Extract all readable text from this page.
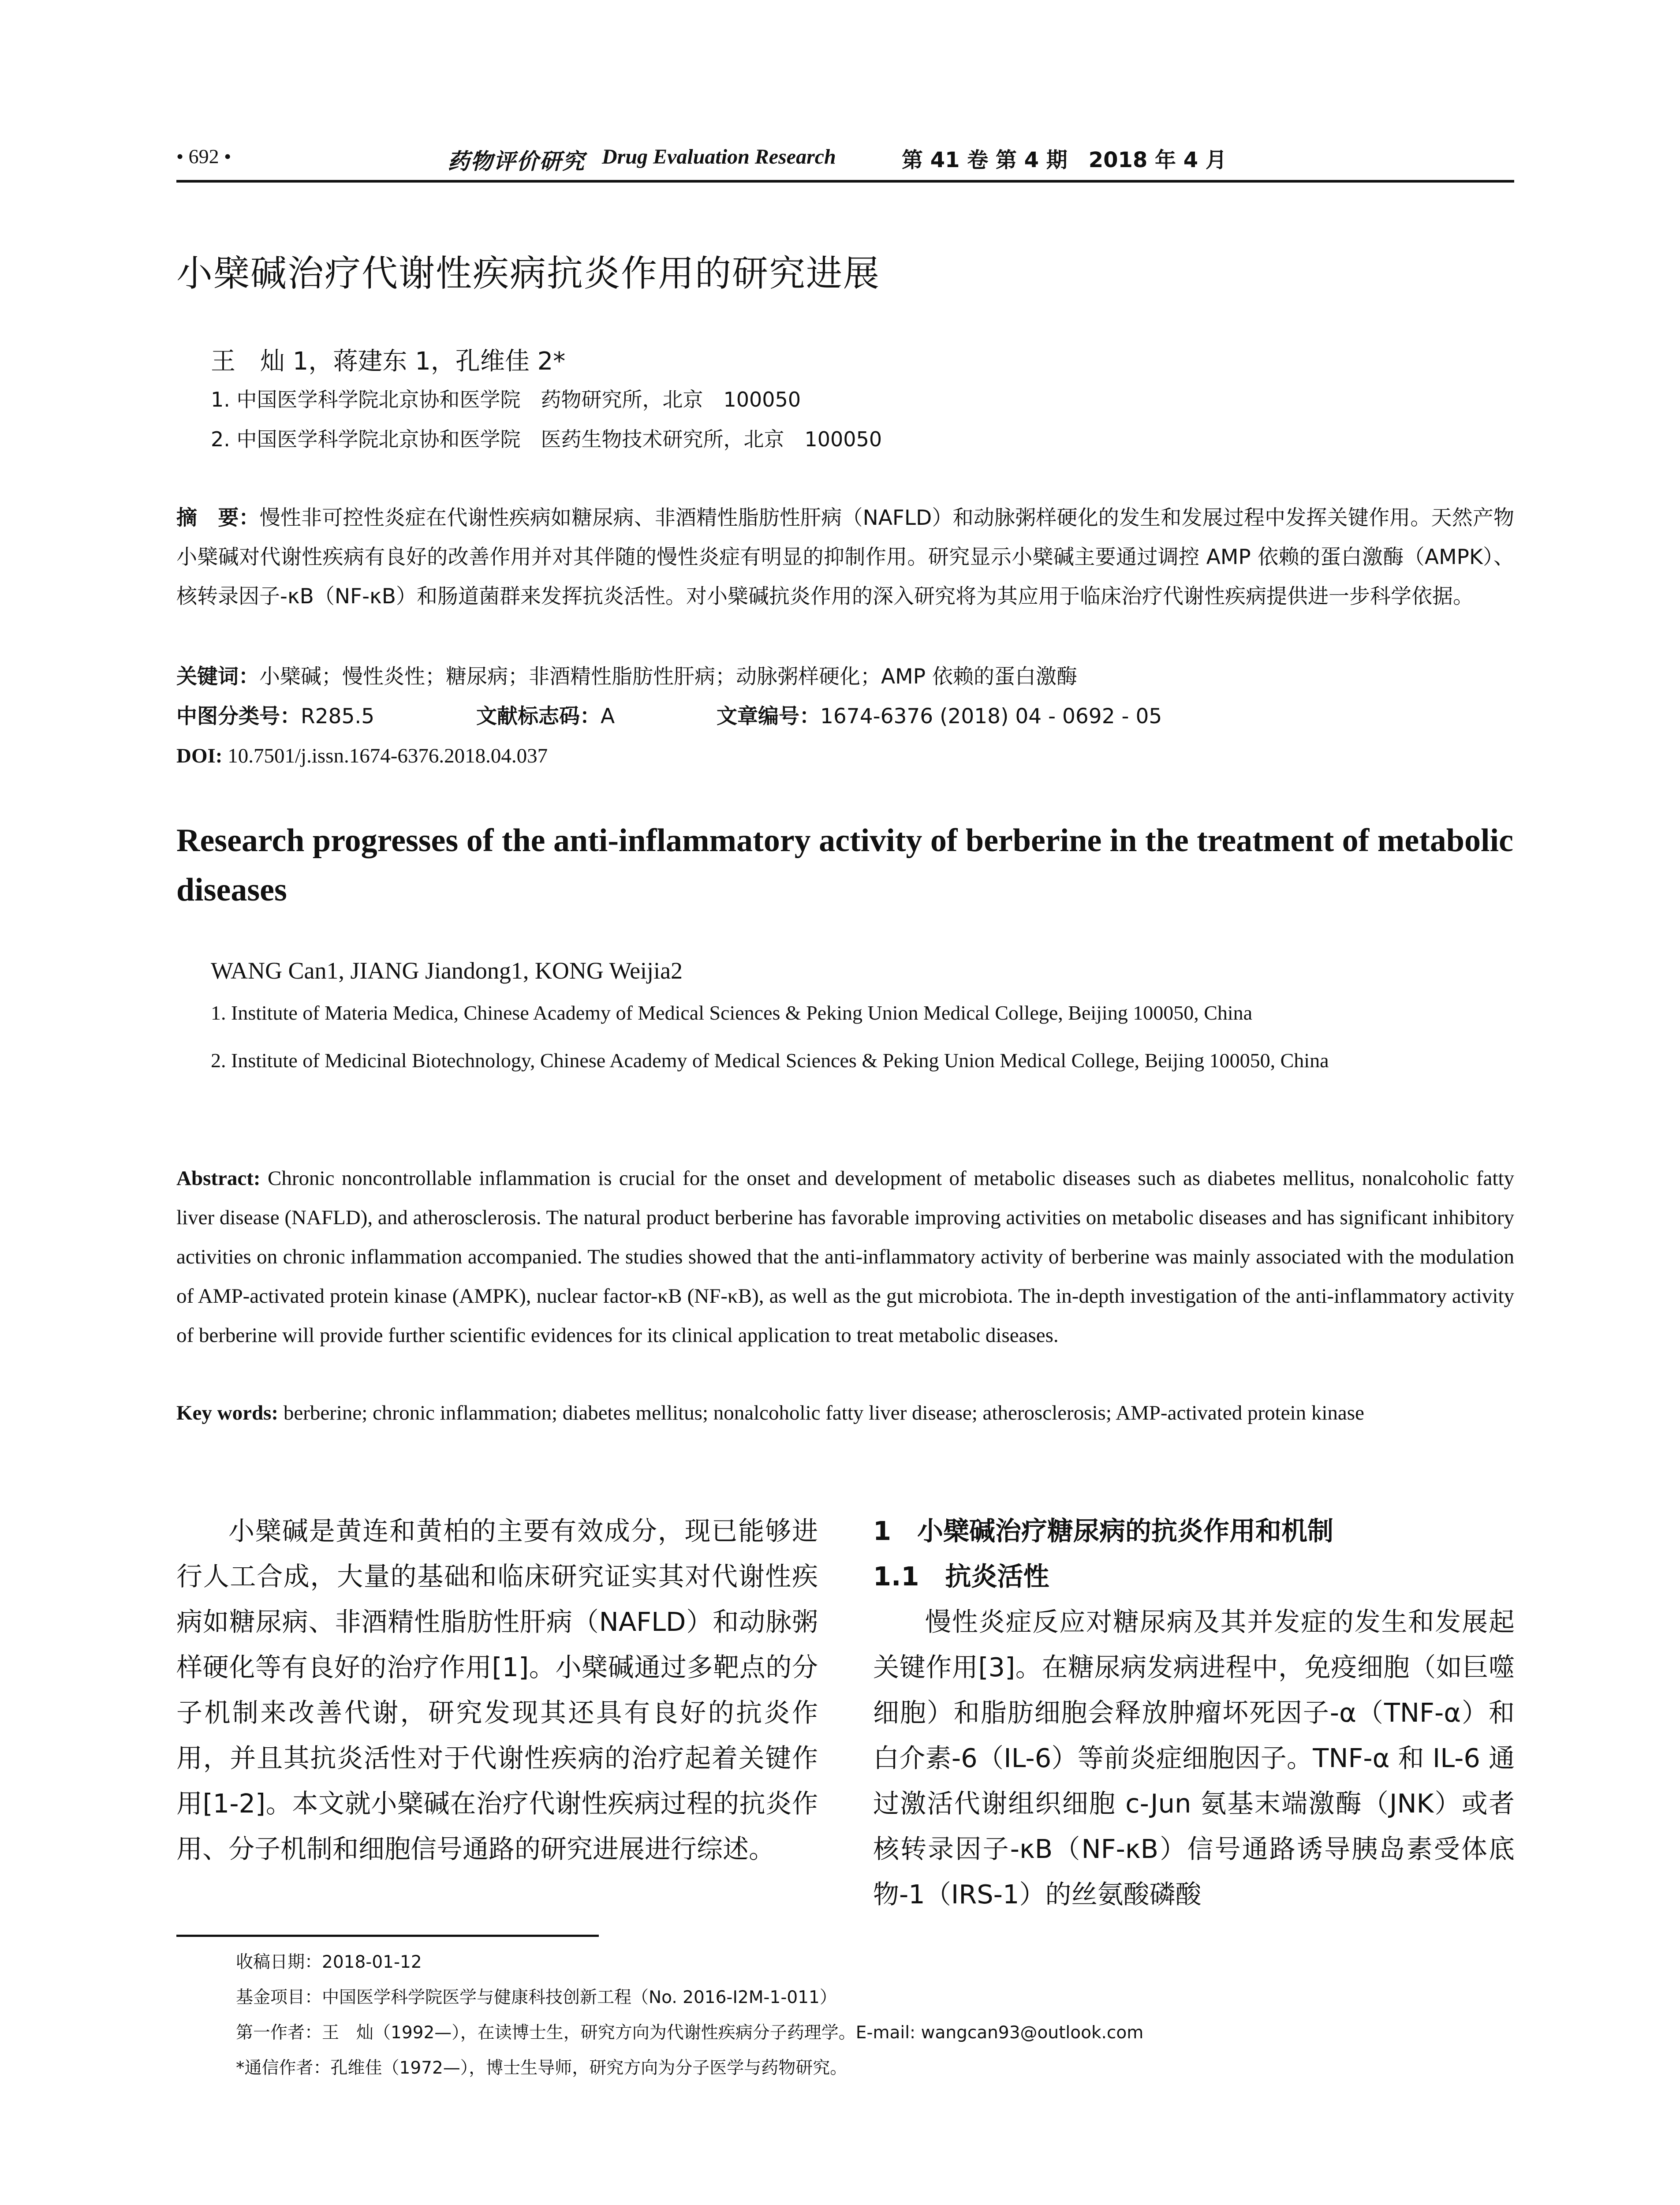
• 692 •	药物评价研究 Drug Evaluation Research	第 41 卷 第 4 期　2018 年 4 月
小檗碱治疗代谢性疾病抗炎作用的研究进展
王　灿 1，蒋建东 1，孔维佳 2*
1. 中国医学科学院北京协和医学院　药物研究所，北京　100050
2. 中国医学科学院北京协和医学院　医药生物技术研究所，北京　100050
摘　要：慢性非可控性炎症在代谢性疾病如糖尿病、非酒精性脂肪性肝病（NAFLD）和动脉粥样硬化的发生和发展过程中发挥关键作用。天然产物小檗碱对代谢性疾病有良好的改善作用并对其伴随的慢性炎症有明显的抑制作用。研究显示小檗碱主要通过调控 AMP 依赖的蛋白激酶（AMPK）、核转录因子-κB（NF-κB）和肠道菌群来发挥抗炎活性。对小檗碱抗炎作用的深入研究将为其应用于临床治疗代谢性疾病提供进一步科学依据。
关键词：小檗碱；慢性炎性；糖尿病；非酒精性脂肪性肝病；动脉粥样硬化；AMP 依赖的蛋白激酶
中图分类号：R285.5	文献标志码：A	文章编号：1674-6376 (2018) 04 - 0692 - 05
DOI: 10.7501/j.issn.1674-6376.2018.04.037
Research progresses of the anti-inflammatory activity of berberine in the treatment of metabolic diseases
WANG Can1, JIANG Jiandong1, KONG Weijia2
1. Institute of Materia Medica, Chinese Academy of Medical Sciences & Peking Union Medical College, Beijing 100050, China
2. Institute of Medicinal Biotechnology, Chinese Academy of Medical Sciences & Peking Union Medical College, Beijing 100050, China
Abstract: Chronic noncontrollable inflammation is crucial for the onset and development of metabolic diseases such as diabetes mellitus, nonalcoholic fatty liver disease (NAFLD), and atherosclerosis. The natural product berberine has favorable improving activities on metabolic diseases and has significant inhibitory activities on chronic inflammation accompanied. The studies showed that the anti-inflammatory activity of berberine was mainly associated with the modulation of AMP-activated protein kinase (AMPK), nuclear factor-κB (NF-κB), as well as the gut microbiota. The in-depth investigation of the anti-inflammatory activity of berberine will provide further scientific evidences for its clinical application to treat metabolic diseases.
Key words: berberine; chronic inflammation; diabetes mellitus; nonalcoholic fatty liver disease; atherosclerosis; AMP-activated protein kinase
小檗碱是黄连和黄柏的主要有效成分，现已能够进行人工合成，大量的基础和临床研究证实其对代谢性疾病如糖尿病、非酒精性脂肪性肝病（NAFLD）和动脉粥样硬化等有良好的治疗作用[1]。小檗碱通过多靶点的分子机制来改善代谢，研究发现其还具有良好的抗炎作用，并且其抗炎活性对于代谢性疾病的治疗起着关键作用[1-2]。本文就小檗碱在治疗代谢性疾病过程的抗炎作用、分子机制和细胞信号通路的研究进展进行综述。
1　小檗碱治疗糖尿病的抗炎作用和机制
1.1　抗炎活性
慢性炎症反应对糖尿病及其并发症的发生和发展起关键作用[3]。在糖尿病发病进程中，免疫细胞（如巨噬细胞）和脂肪细胞会释放肿瘤坏死因子-α（TNF-α）和白介素-6（IL-6）等前炎症细胞因子。TNF-α 和 IL-6 通过激活代谢组织细胞 c-Jun 氨基末端激酶（JNK）或者核转录因子-κB（NF-κB）信号通路诱导胰岛素受体底物-1（IRS-1）的丝氨酸磷酸
收稿日期：2018-01-12
基金项目：中国医学科学院医学与健康科技创新工程（No. 2016-I2M-1-011）
第一作者：王　灿（1992—），在读博士生，研究方向为代谢性疾病分子药理学。E-mail: wangcan93@outlook.com
*通信作者：孔维佳（1972—），博士生导师，研究方向为分子医学与药物研究。
